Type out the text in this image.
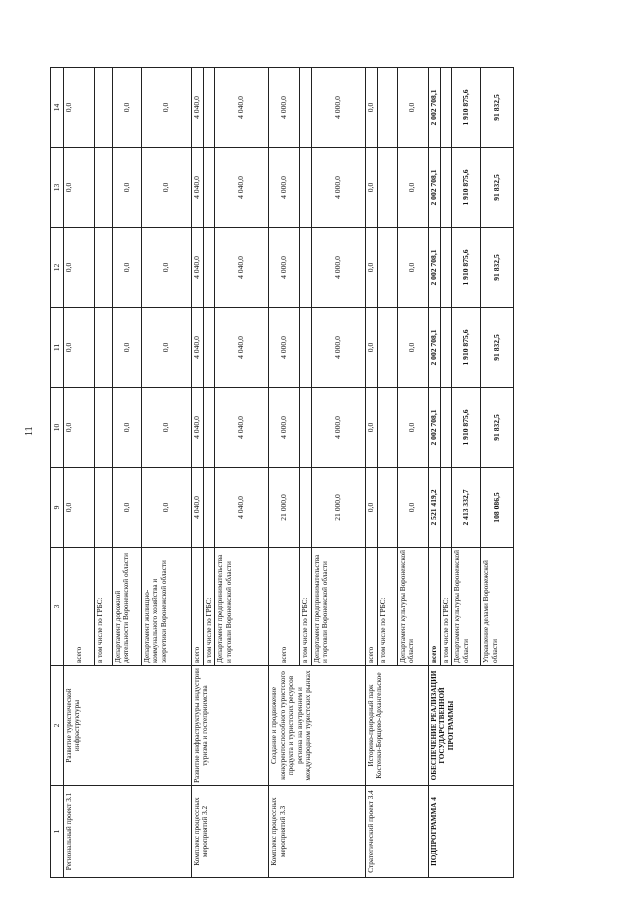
11
1	2	3	9	10	11	12	13	14
Региональный проект 3.1	Развитие туристической инфраструктуры	всего	0,0	0,0	0,0	0,0	0,0	0,0
		в том числе по ГРБС:						
		Департамент дорожной деятельности Воронежской области	0,0	0,0	0,0	0,0	0,0	0,0
		Департамент жилищно-коммунального хозяйства и энергетики Воронежской области	0,0	0,0	0,0	0,0	0,0	0,0
Комплекс процессных мероприятий 3.2	Развитие инфраструктуры индустрии туризма и гостеприимства	всего	4 040,0	4 040,0	4 040,0	4 040,0	4 040,0	4 040,0
		в том числе по ГРБС:						
		Департамент предпринимательства и торговли Воронежской области	4 040,0	4 040,0	4 040,0	4 040,0	4 040,0	4 040,0
Комплекс процессных мероприятий 3.3	Создание и продвижение конкурентоспособного туристского продукта и туристских ресурсов региона на внутреннем и международном туристских рынках	всего	21 000,0	4 000,0	4 000,0	4 000,0	4 000,0	4 000,0
		в том числе по ГРБС:						
		Департамент предпринимательства и торговли Воронежской области	21 000,0	4 000,0	4 000,0	4 000,0	4 000,0	4 000,0
Стратегический проект 3.4	Историко-природный парк Костенки-Борщево-Архангельское	всего	0,0	0,0	0,0	0,0	0,0	0,0
		в том числе по ГРБС:						
		Департамент культуры Воронежской области	0,0	0,0	0,0	0,0	0,0	0,0
ПОДПРОГРАММА 4	ОБЕСПЕЧЕНИЕ РЕАЛИЗАЦИИ ГОСУДАРСТВЕННОЙ ПРОГРАММЫ	всего	2 521 419,2	2 002 708,1	2 002 708,1	2 002 708,1	2 002 708,1	2 002 708,1
		в том числе по ГРБС:						
		Департамент культуры Воронежской области	2 413 332,7	1 910 875,6	1 910 875,6	1 910 875,6	1 910 875,6	1 910 875,6
		Управление делами Воронежской области	108 086,5	91 832,5	91 832,5	91 832,5	91 832,5	91 832,5
